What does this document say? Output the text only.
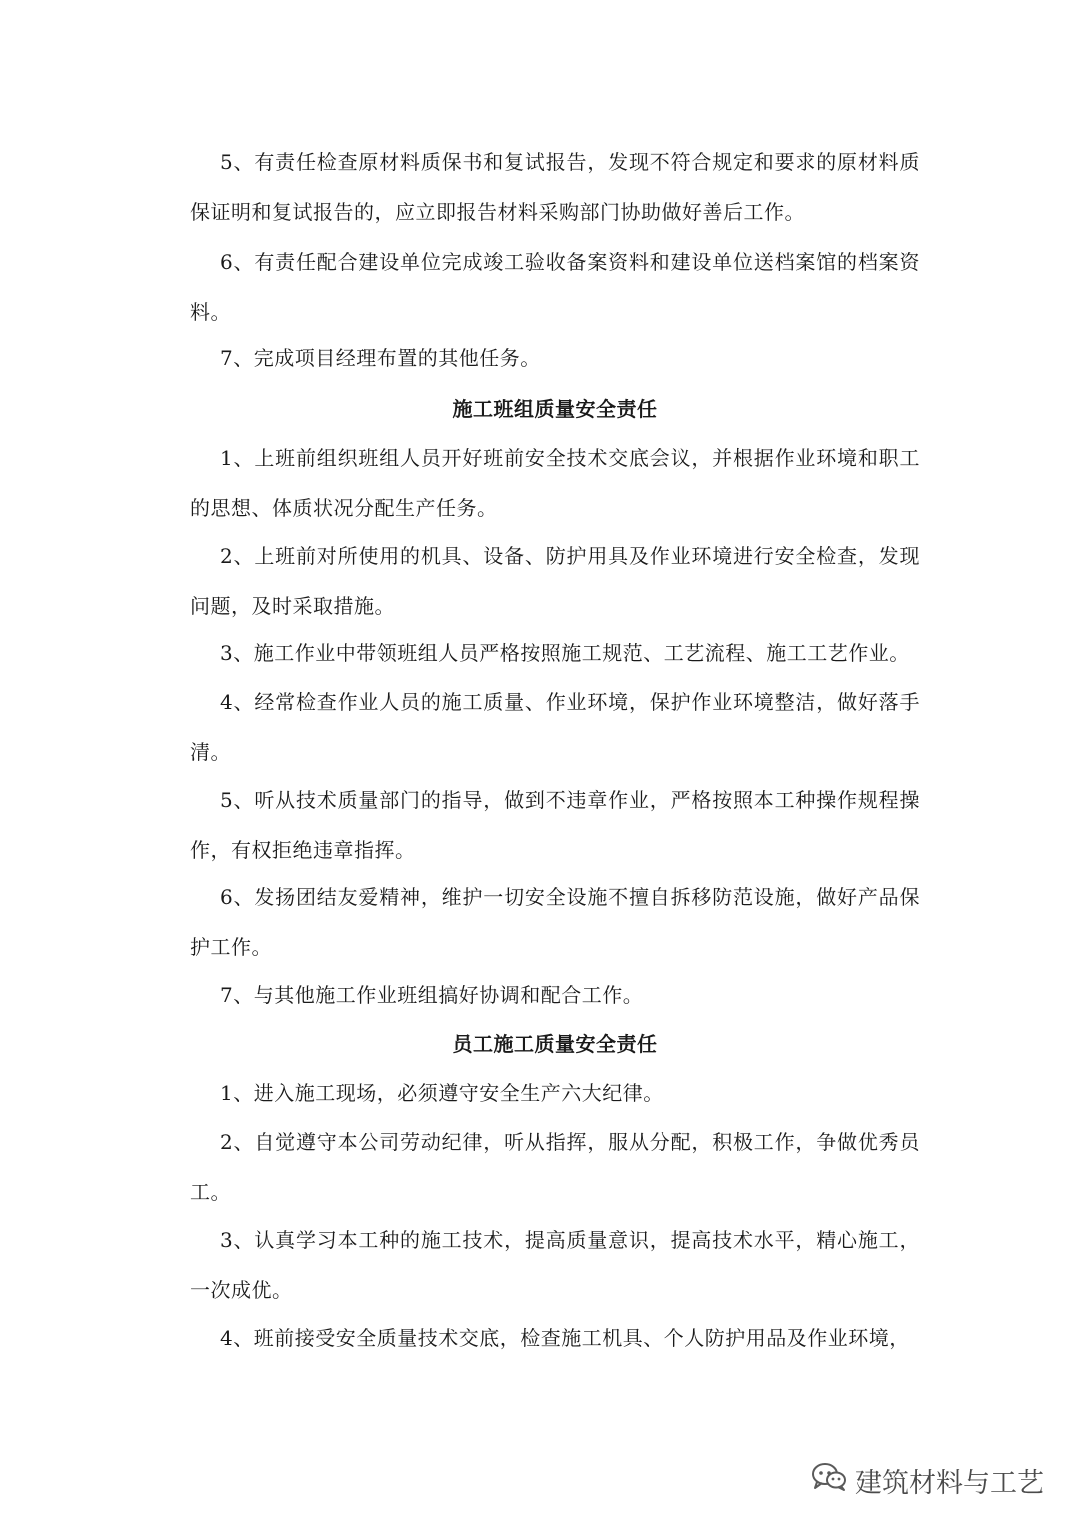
5、有责任检查原材料质保书和复试报告，发现不符合规定和要求的原材料质保证明和复试报告的，应立即报告材料采购部门协助做好善后工作。

6、有责任配合建设单位完成竣工验收备案资料和建设单位送档案馆的档案资料。

7、完成项目经理布置的其他任务。

施工班组质量安全责任

1、上班前组织班组人员开好班前安全技术交底会议，并根据作业环境和职工的思想、体质状况分配生产任务。

2、上班前对所使用的机具、设备、防护用具及作业环境进行安全检查，发现问题，及时采取措施。

3、施工作业中带领班组人员严格按照施工规范、工艺流程、施工工艺作业。

4、经常检查作业人员的施工质量、作业环境，保护作业环境整洁，做好落手清。

5、听从技术质量部门的指导，做到不违章作业，严格按照本工种操作规程操作，有权拒绝违章指挥。

6、发扬团结友爱精神，维护一切安全设施不擅自拆移防范设施，做好产品保护工作。

7、与其他施工作业班组搞好协调和配合工作。

员工施工质量安全责任

1、进入施工现场，必须遵守安全生产六大纪律。

2、自觉遵守本公司劳动纪律，听从指挥，服从分配，积极工作，争做优秀员工。

3、认真学习本工种的施工技术，提高质量意识，提高技术水平，精心施工，一次成优。

4、班前接受安全质量技术交底，检查施工机具、个人防护用品及作业环境，

建筑材料与工艺
